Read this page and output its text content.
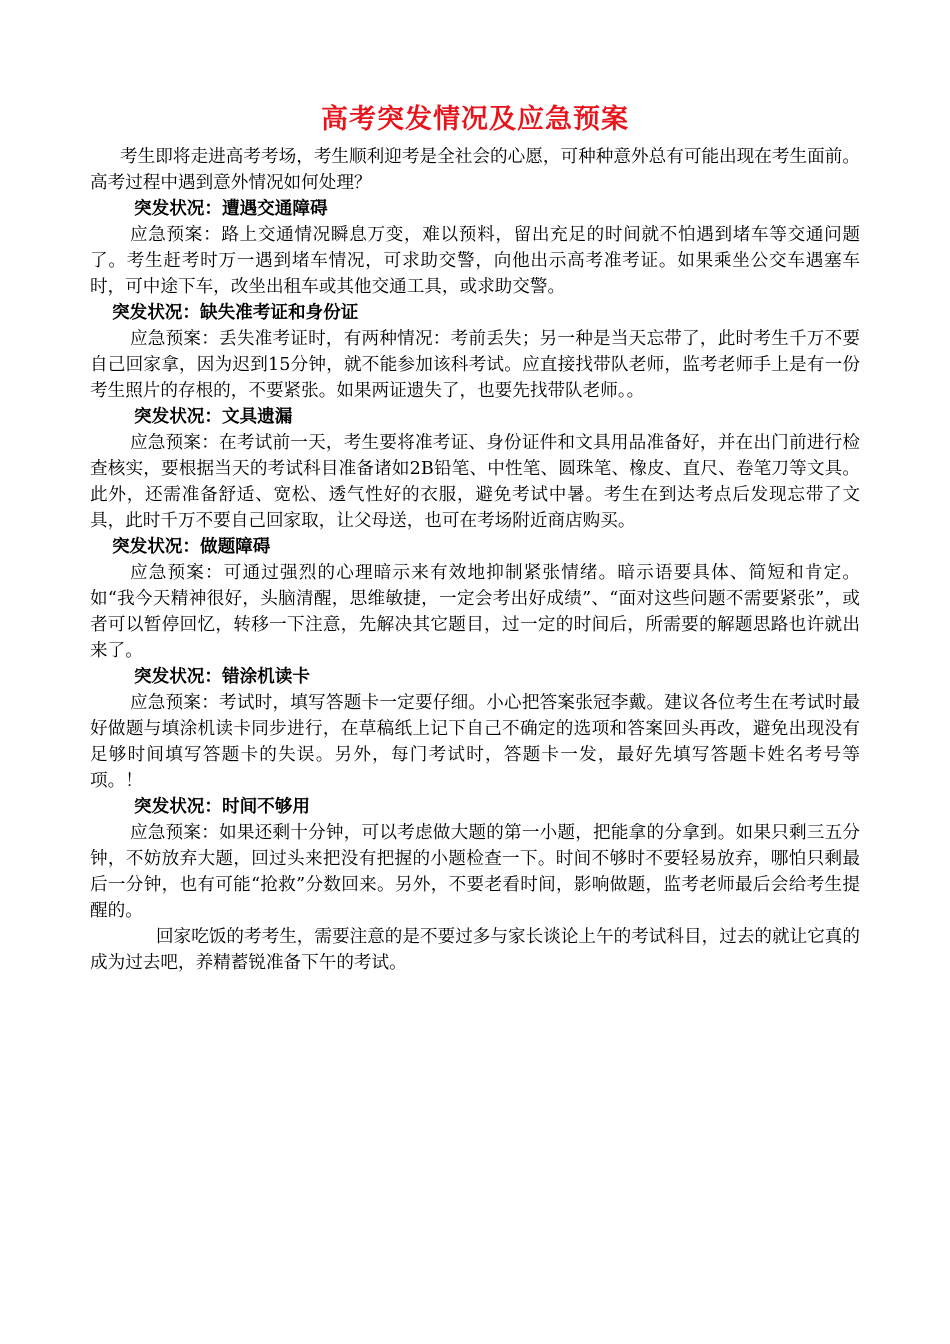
高考突发情况及应急预案

考生即将走进高考考场，考生顺利迎考是全社会的心愿，可种种意外总有可能出现在考生面前。高考过程中遇到意外情况如何处理？

突发状况：遭遇交通障碍

应急预案：路上交通情况瞬息万变，难以预料，留出充足的时间就不怕遇到堵车等交通问题了。考生赶考时万一遇到堵车情况，可求助交警，向他出示高考准考证。如果乘坐公交车遇塞车时，可中途下车，改坐出租车或其他交通工具，或求助交警。

突发状况：缺失准考证和身份证

应急预案：丢失准考证时，有两种情况：考前丢失；另一种是当天忘带了，此时考生千万不要自己回家拿，因为迟到15分钟，就不能参加该科考试。应直接找带队老师，监考老师手上是有一份考生照片的存根的，不要紧张。如果两证遗失了，也要先找带队老师。。

突发状况：文具遗漏

应急预案：在考试前一天，考生要将准考证、身份证件和文具用品准备好，并在出门前进行检查核实，要根据当天的考试科目准备诸如2B铅笔、中性笔、圆珠笔、橡皮、直尺、卷笔刀等文具。此外，还需准备舒适、宽松、透气性好的衣服，避免考试中暑。考生在到达考点后发现忘带了文具，此时千万不要自己回家取，让父母送，也可在考场附近商店购买。

突发状况：做题障碍

应急预案：可通过强烈的心理暗示来有效地抑制紧张情绪。暗示语要具体、简短和肯定。如“我今天精神很好，头脑清醒，思维敏捷，一定会考出好成绩”、“面对这些问题不需要紧张”，或者可以暂停回忆，转移一下注意，先解决其它题目，过一定的时间后，所需要的解题思路也许就出来了。

突发状况：错涂机读卡

应急预案：考试时，填写答题卡一定要仔细。小心把答案张冠李戴。建议各位考生在考试时最好做题与填涂机读卡同步进行，在草稿纸上记下自己不确定的选项和答案回头再改，避免出现没有足够时间填写答题卡的失误。另外，每门考试时，答题卡一发，最好先填写答题卡姓名考号等项。！

突发状况：时间不够用

应急预案：如果还剩十分钟，可以考虑做大题的第一小题，把能拿的分拿到。如果只剩三五分钟，不妨放弃大题，回过头来把没有把握的小题检查一下。时间不够时不要轻易放弃，哪怕只剩最后一分钟，也有可能“抢救”分数回来。另外，不要老看时间，影响做题，监考老师最后会给考生提醒的。

回家吃饭的考考生，需要注意的是不要过多与家长谈论上午的考试科目，过去的就让它真的成为过去吧，养精蓄锐准备下午的考试。
